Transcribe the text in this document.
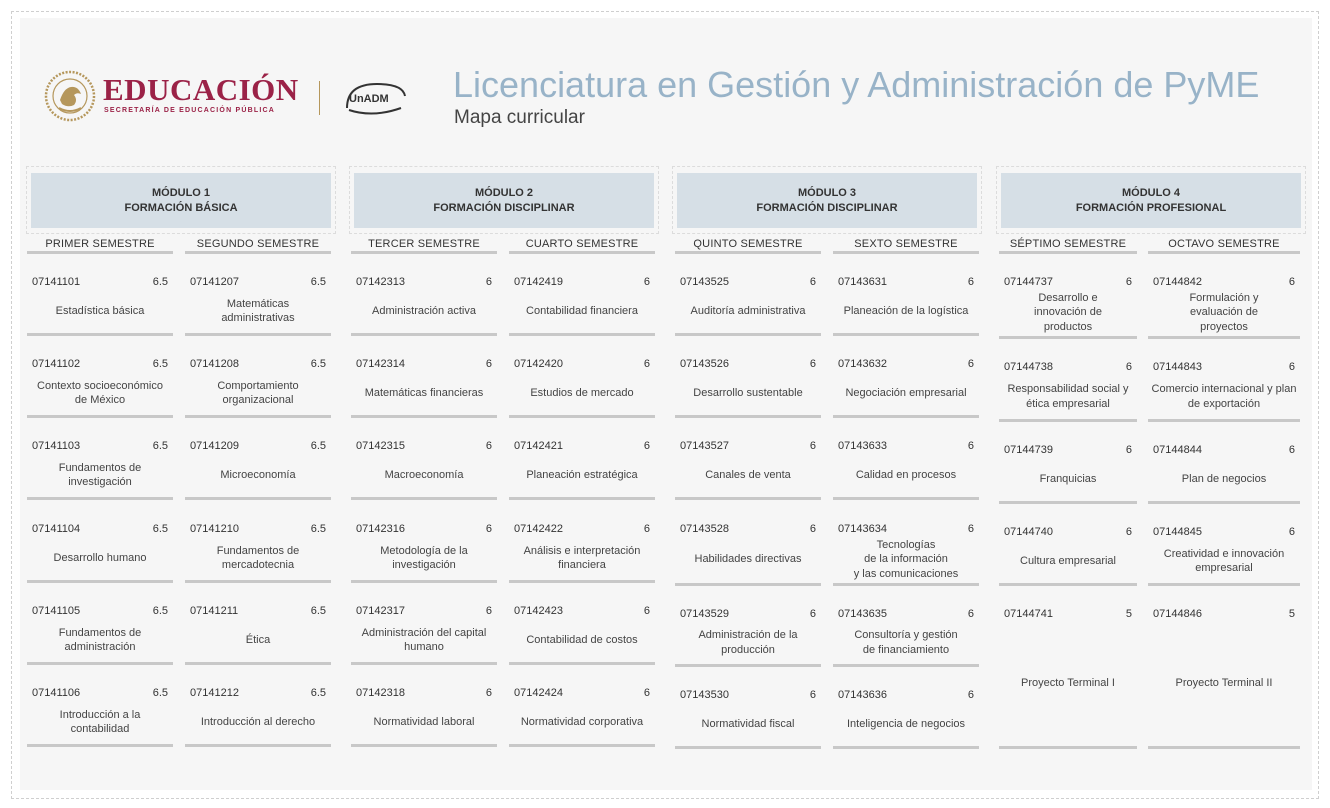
EDUCACIÓN
SECRETARÍA DE EDUCACIÓN PÚBLICA
UnADM Licenciatura en Gestión y Administración de PyME
Mapa curricular
MÓDULO 1
FORMACIÓN BÁSICA
MÓDULO 2
FORMACIÓN DISCIPLINAR
MÓDULO 3
FORMACIÓN DISCIPLINAR
MÓDULO 4
FORMACIÓN PROFESIONAL
PRIMER SEMESTRE
07141101	6.5
Estadística básica
07141102	6.5
Contexto socioeconómico
de México
07141103	6.5
Fundamentos de
investigación
07141104	6.5
Desarrollo humano
07141105	6.5
Fundamentos de
administración
07141106	6.5
Introducción a la
contabilidad
SEGUNDO SEMESTRE
07141207	6.5
Matemáticas
administrativas
07141208	6.5
Comportamiento
organizacional
07141209	6.5
Microeconomía
07141210	6.5
Fundamentos de
mercadotecnia
07141211	6.5
Ética
07141212	6.5
Introducción al derecho
TERCER SEMESTRE
07142313	6
Administración activa
07142314	6
Matemáticas financieras
07142315	6
Macroeconomía
07142316	6
Metodología de la
investigación
07142317	6
Administración del capital
humano
07142318	6
Normatividad laboral
CUARTO SEMESTRE
07142419	6
Contabilidad financiera
07142420	6
Estudios de mercado
07142421	6
Planeación estratégica
07142422	6
Análisis e interpretación
financiera
07142423	6
Contabilidad de costos
07142424	6
Normatividad corporativa
QUINTO SEMESTRE
07143525	6
Auditoría administrativa
07143526	6
Desarrollo sustentable
07143527	6
Canales de venta
07143528	6
Habilidades directivas
07143529	6
Administración de la
producción
07143530	6
Normatividad fiscal
SEXTO SEMESTRE
07143631	6
Planeación de la logística
07143632	6
Negociación empresarial
07143633	6
Calidad en procesos
07143634	6
Tecnologías
de la información
y las comunicaciones
07143635	6
Consultoría y gestión
de financiamiento
07143636	6
Inteligencia de negocios
SÉPTIMO SEMESTRE
07144737	6
Desarrollo e
innovación de
productos
07144738	6
Responsabilidad social y
ética empresarial
07144739	6
Franquicias
07144740	6
Cultura empresarial
07144741	5
Proyecto Terminal I
OCTAVO SEMESTRE
07144842	6
Formulación y
evaluación de
proyectos
07144843	6
Comercio internacional y plan
de exportación
07144844	6
Plan de negocios
07144845	6
Creatividad e innovación
empresarial
07144846	5
Proyecto Terminal II
